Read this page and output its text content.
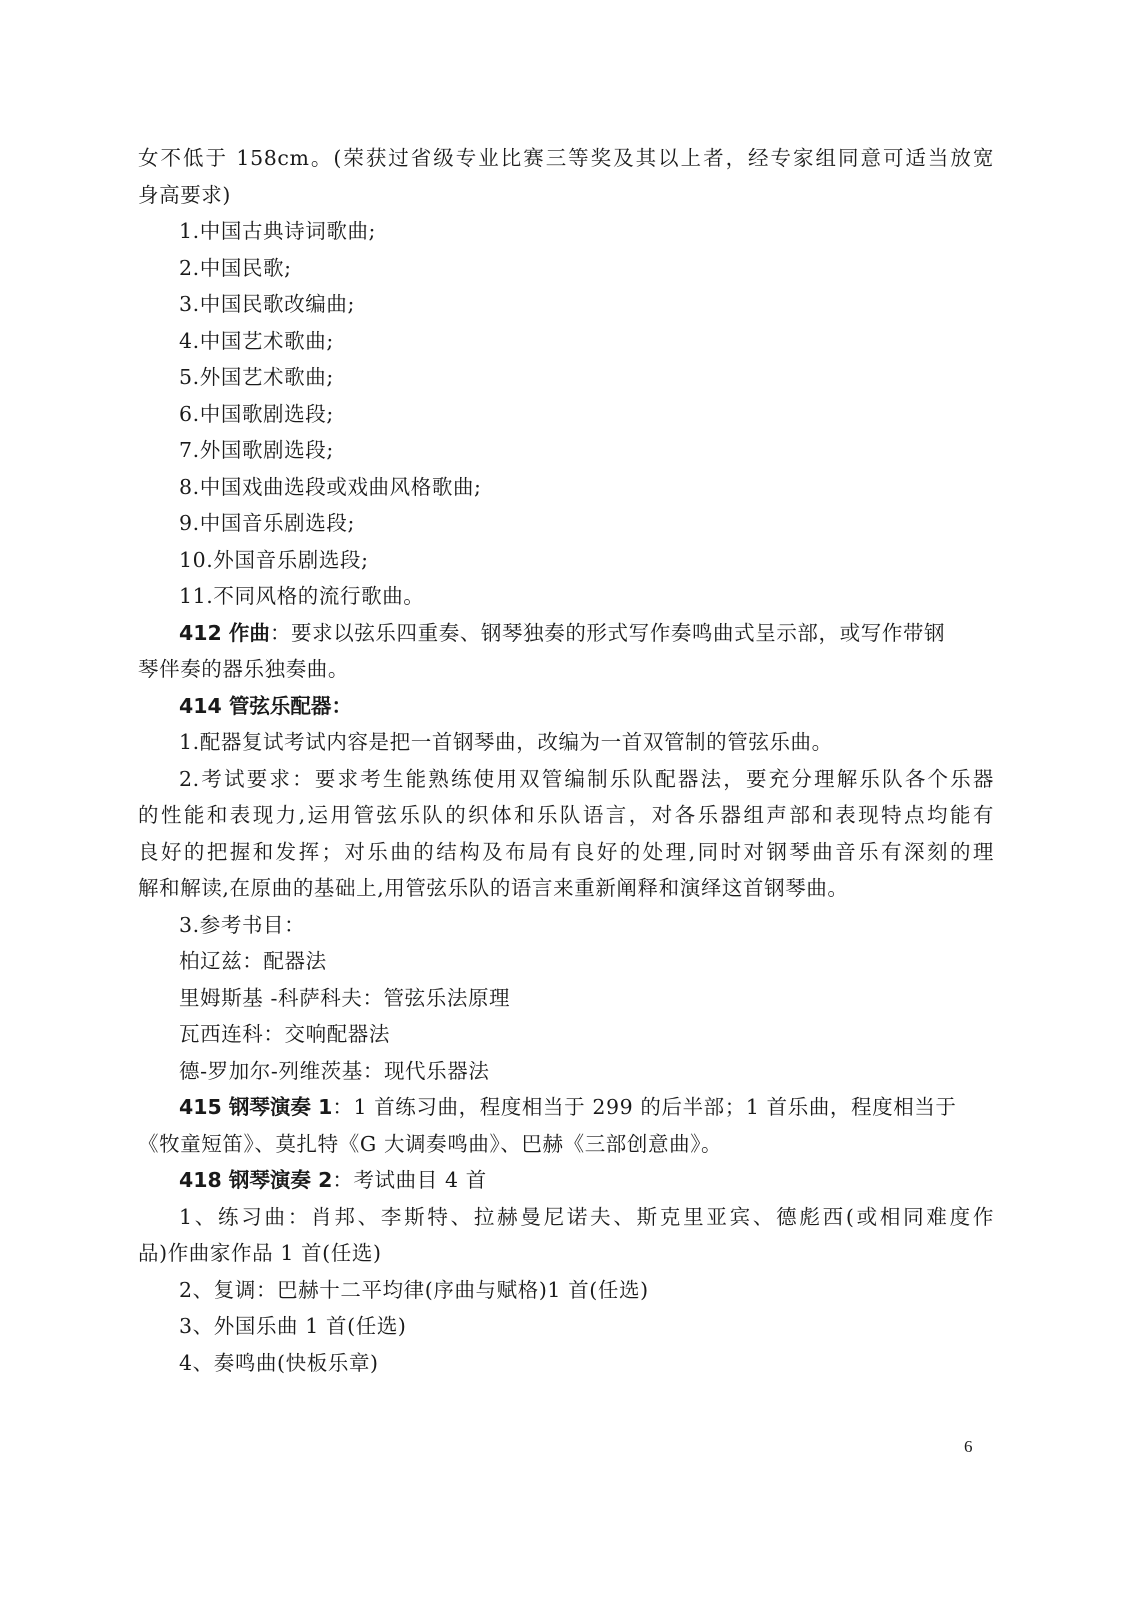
女不低于 158cm。(荣获过省级专业比赛三等奖及其以上者，经专家组同意可适当放宽
身高要求)
1.中国古典诗词歌曲;
2.中国民歌;
3.中国民歌改编曲;
4.中国艺术歌曲;
5.外国艺术歌曲;
6.中国歌剧选段;
7.外国歌剧选段;
8.中国戏曲选段或戏曲风格歌曲;
9.中国音乐剧选段;
10.外国音乐剧选段;
11.不同风格的流行歌曲。
412 作曲：要求以弦乐四重奏、钢琴独奏的形式写作奏鸣曲式呈示部，或写作带钢
琴伴奏的器乐独奏曲。
414 管弦乐配器：
1.配器复试考试内容是把一首钢琴曲，改编为一首双管制的管弦乐曲。
2.考试要求：要求考生能熟练使用双管编制乐队配器法，要充分理解乐队各个乐器
的性能和表现力,运用管弦乐队的织体和乐队语言，对各乐器组声部和表现特点均能有
良好的把握和发挥；对乐曲的结构及布局有良好的处理,同时对钢琴曲音乐有深刻的理
解和解读,在原曲的基础上,用管弦乐队的语言来重新阐释和演绎这首钢琴曲。
3.参考书目：
柏辽兹：配器法
里姆斯基 -科萨科夫：管弦乐法原理
瓦西连科：交响配器法
德-罗加尔-列维茨基：现代乐器法
415 钢琴演奏 1：1 首练习曲，程度相当于 299 的后半部；1 首乐曲，程度相当于
《牧童短笛》、莫扎特《G 大调奏鸣曲》、巴赫《三部创意曲》。
418 钢琴演奏 2：考试曲目 4 首
1、练习曲：肖邦、李斯特、拉赫曼尼诺夫、斯克里亚宾、德彪西(或相同难度作
品)作曲家作品 1 首(任选)
2、复调：巴赫十二平均律(序曲与赋格)1 首(任选)
3、外国乐曲 1 首(任选)
4、奏鸣曲(快板乐章)
6
